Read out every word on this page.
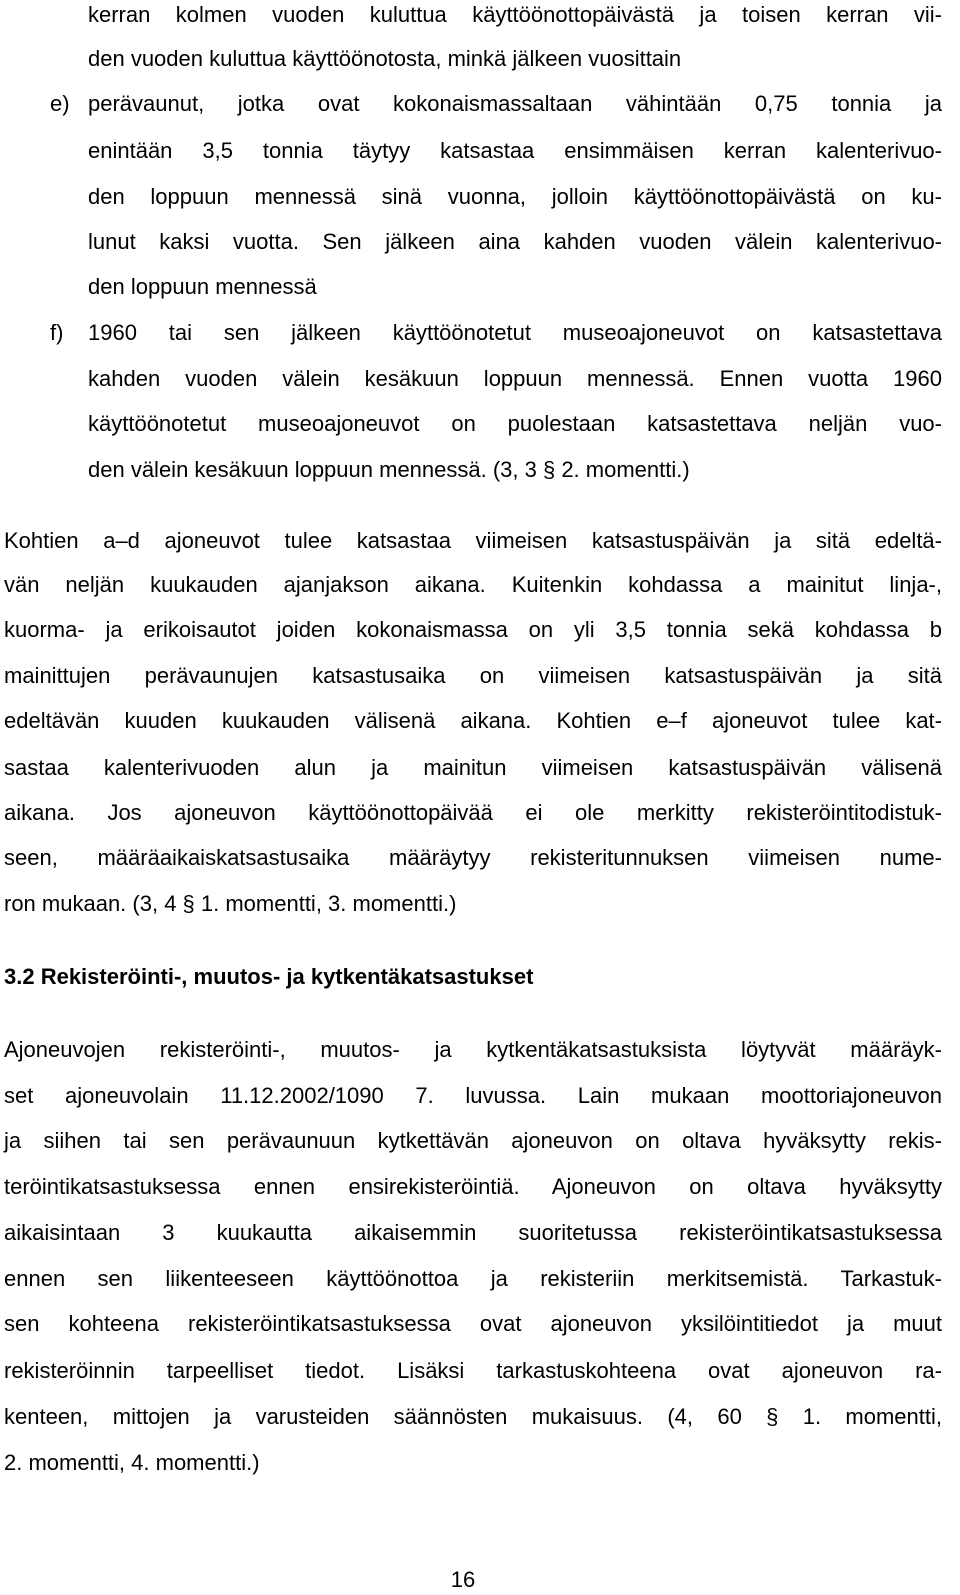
kerran kolmen vuoden kuluttua käyttöönottopäivästä ja toisen kerran vii-
den vuoden kuluttua käyttöönotosta, minkä jälkeen vuosittain
e) perävaunut, jotka ovat kokonaismassaltaan vähintään 0,75 tonnia ja
enintään 3,5 tonnia täytyy katsastaa ensimmäisen kerran kalenterivuo-
den loppuun mennessä sinä vuonna, jolloin käyttöönottopäivästä on ku-
lunut kaksi vuotta. Sen jälkeen aina kahden vuoden välein kalenterivuo-
den loppuun mennessä
f) 1960 tai sen jälkeen käyttöönotetut museoajoneuvot on katsastettava
kahden vuoden välein kesäkuun loppuun mennessä. Ennen vuotta 1960
käyttöönotetut museoajoneuvot on puolestaan katsastettava neljän vuo-
den välein kesäkuun loppuun mennessä. (3, 3 § 2. momentti.)
Kohtien a–d ajoneuvot tulee katsastaa viimeisen katsastuspäivän ja sitä edeltä-
vän neljän kuukauden ajanjakson aikana. Kuitenkin kohdassa a mainitut linja-,
kuorma- ja erikoisautot joiden kokonaismassa on yli 3,5 tonnia sekä kohdassa b
mainittujen perävaunujen katsastusaika on viimeisen katsastuspäivän ja sitä
edeltävän kuuden kuukauden välisenä aikana. Kohtien e–f ajoneuvot tulee kat-
sastaa kalenterivuoden alun ja mainitun viimeisen katsastuspäivän välisenä
aikana. Jos ajoneuvon käyttöönottopäivää ei ole merkitty rekisteröintitodistuk-
seen, määräaikaiskatsastusaika määräytyy rekisteritunnuksen viimeisen nume-
ron mukaan. (3, 4 § 1. momentti, 3. momentti.)
3.2 Rekisteröinti-, muutos- ja kytkentäkatsastukset
Ajoneuvojen rekisteröinti-, muutos- ja kytkentäkatsastuksista löytyvät määräyk-
set ajoneuvolain 11.12.2002/1090 7. luvussa. Lain mukaan moottoriajoneuvon
ja siihen tai sen perävaunuun kytkettävän ajoneuvon on oltava hyväksytty rekis-
teröintikatsastuksessa ennen ensirekisteröintiä. Ajoneuvon on oltava hyväksytty
aikaisintaan 3 kuukautta aikaisemmin suoritetussa rekisteröintikatsastuksessa
ennen sen liikenteeseen käyttöönottoa ja rekisteriin merkitsemistä. Tarkastuk-
sen kohteena rekisteröintikatsastuksessa ovat ajoneuvon yksilöintitiedot ja muut
rekisteröinnin tarpeelliset tiedot. Lisäksi tarkastuskohteena ovat ajoneuvon ra-
kenteen, mittojen ja varusteiden säännösten mukaisuus. (4, 60 § 1. momentti,
2. momentti, 4. momentti.)
16
